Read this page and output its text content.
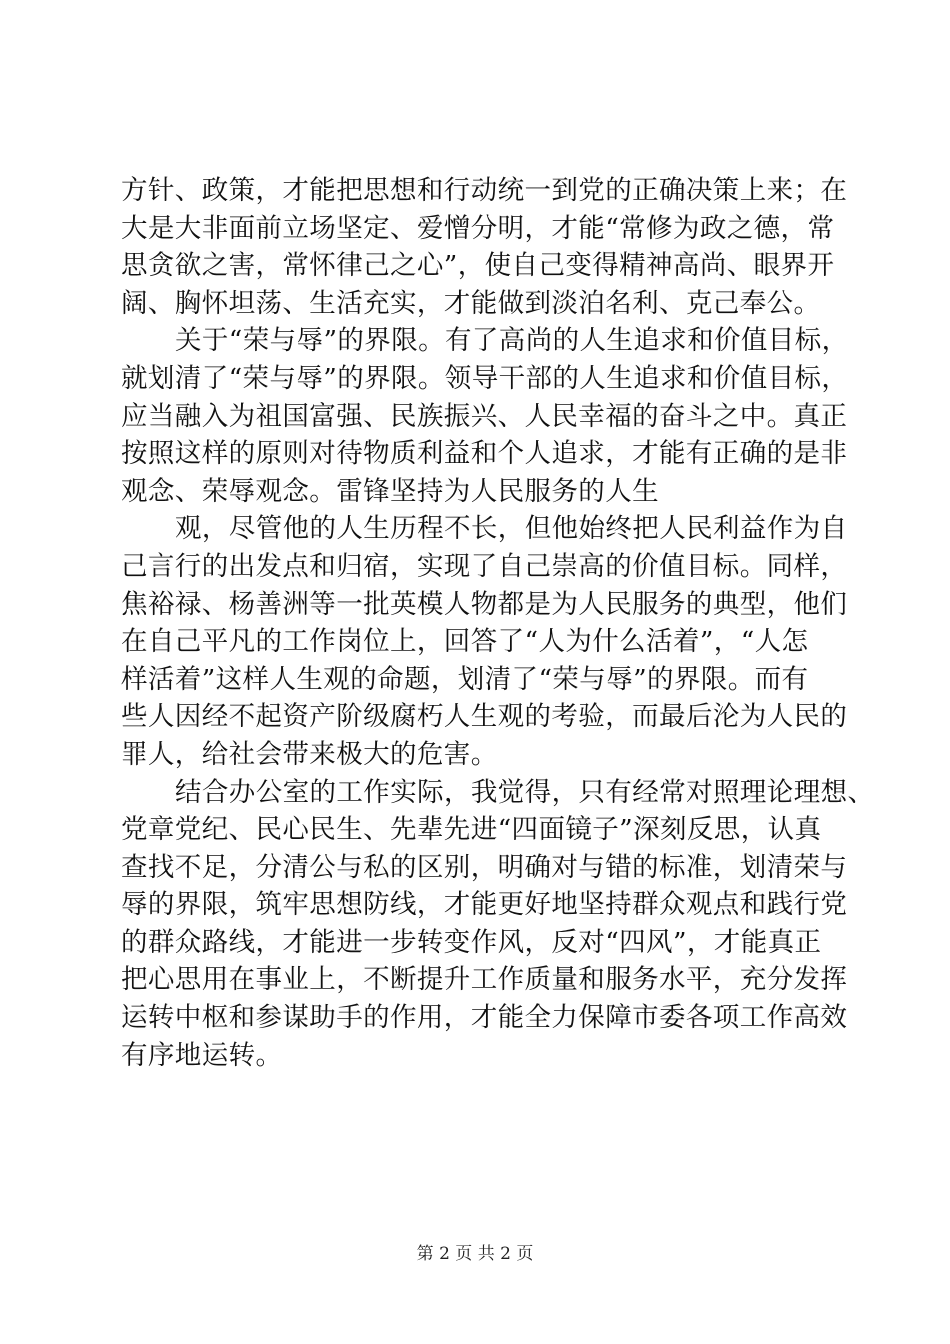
方针、政策，才能把思想和行动统一到党的正确决策上来；在
大是大非面前立场坚定、爱憎分明，才能“常修为政之德，常
思贪欲之害，常怀律己之心”，使自己变得精神高尚、眼界开
阔、胸怀坦荡、生活充实，才能做到淡泊名利、克己奉公。
关于“荣与辱”的界限。有了高尚的人生追求和价值目标，
就划清了“荣与辱”的界限。领导干部的人生追求和价值目标，
应当融入为祖国富强、民族振兴、人民幸福的奋斗之中。真正
按照这样的原则对待物质利益和个人追求，才能有正确的是非
观念、荣辱观念。雷锋坚持为人民服务的人生
观，尽管他的人生历程不长，但他始终把人民利益作为自
己言行的出发点和归宿，实现了自己崇高的价值目标。同样，
焦裕禄、杨善洲等一批英模人物都是为人民服务的典型，他们
在自己平凡的工作岗位上，回答了“人为什么活着”，“人怎
样活着”这样人生观的命题，划清了“荣与辱”的界限。而有
些人因经不起资产阶级腐朽人生观的考验，而最后沦为人民的
罪人，给社会带来极大的危害。
结合办公室的工作实际，我觉得，只有经常对照理论理想、
党章党纪、民心民生、先辈先进“四面镜子”深刻反思，认真
查找不足，分清公与私的区别，明确对与错的标准，划清荣与
辱的界限，筑牢思想防线，才能更好地坚持群众观点和践行党
的群众路线，才能进一步转变作风，反对“四风”，才能真正
把心思用在事业上，不断提升工作质量和服务水平，充分发挥
运转中枢和参谋助手的作用，才能全力保障市委各项工作高效
有序地运转。
第 2 页 共 2 页
